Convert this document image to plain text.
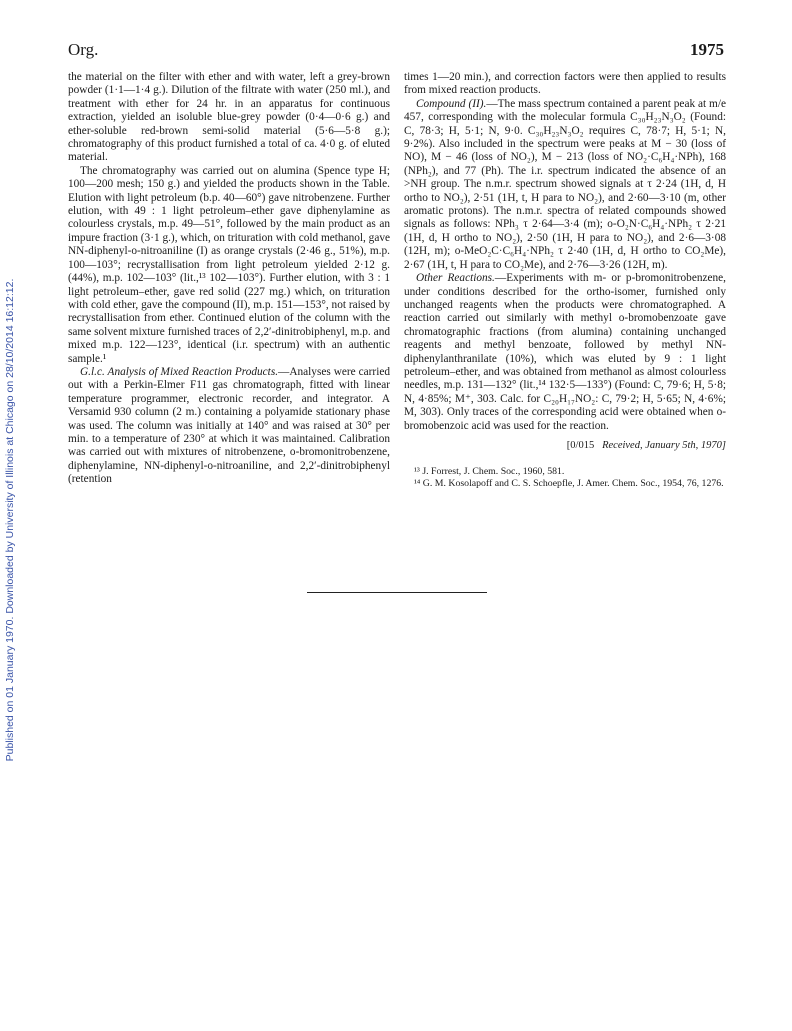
Published on 01 January 1970. Downloaded by University of Illinois at Chicago on 28/10/2014 16:12:12.
Org.	1975

the material on the filter with ether and with water, left a grey-brown powder (1·1—1·4 g.). Dilution of the filtrate with water (250 ml.), and treatment with ether for 24 hr. in an apparatus for continuous extraction, yielded an isoluble blue-grey powder (0·4—0·6 g.) and ether-soluble red-brown semi-solid material (5·6—5·8 g.); chromatography of this product furnished a total of ca. 4·0 g. of eluted material.

The chromatography was carried out on alumina (Spence type H; 100—200 mesh; 150 g.) and yielded the products shown in the Table. Elution with light petroleum (b.p. 40—60°) gave nitrobenzene. Further elution, with 49 : 1 light petroleum–ether gave diphenylamine as colourless crystals, m.p. 49—51°, followed by the main product as an impure fraction (3·1 g.), which, on trituration with cold methanol, gave NN-diphenyl-o-nitroaniline (I) as orange crystals (2·46 g., 51%), m.p. 100—103°; recrystallisation from light petroleum yielded 2·12 g. (44%), m.p. 102—103° (lit.,¹³ 102—103°). Further elution, with 3 : 1 light petroleum–ether, gave red solid (227 mg.) which, on trituration with cold ether, gave the compound (II), m.p. 151—153°, not raised by recrystallisation from ether. Continued elution of the column with the same solvent mixture furnished traces of 2,2′-dinitrobiphenyl, m.p. and mixed m.p. 122—123°, identical (i.r. spectrum) with an authentic sample.¹

G.l.c. Analysis of Mixed Reaction Products.—Analyses were carried out with a Perkin-Elmer F11 gas chromatograph, fitted with linear temperature programmer, electronic recorder, and integrator. A Versamid 930 column (2 m.) containing a polyamide stationary phase was used. The column was initially at 140° and was raised at 30° per min. to a temperature of 230° at which it was maintained. Calibration was carried out with mixtures of nitrobenzene, o-bromonitrobenzene, diphenylamine, NN-diphenyl-o-nitroaniline, and 2,2′-dinitrobiphenyl (retention

times 1—20 min.), and correction factors were then applied to results from mixed reaction products.

Compound (II).—The mass spectrum contained a parent peak at m/e 457, corresponding with the molecular formula C₃₀H₂₃N₃O₂ (Found: C, 78·3; H, 5·1; N, 9·0. C₃₀H₂₃N₃O₂ requires C, 78·7; H, 5·1; N, 9·2%). Also included in the spectrum were peaks at M − 30 (loss of NO), M − 46 (loss of NO₂), M − 213 (loss of NO₂·C₆H₄·NPh), 168 (NPh₂), and 77 (Ph). The i.r. spectrum indicated the absence of an >NH group. The n.m.r. spectrum showed signals at τ 2·24 (1H, d, H ortho to NO₂), 2·51 (1H, t, H para to NO₂), and 2·60—3·10 (m, other aromatic protons). The n.m.r. spectra of related compounds showed signals as follows: NPh₃ τ 2·64—3·4 (m); o-O₂N·C₆H₄·NPh₂ τ 2·21 (1H, d, H ortho to NO₂), 2·50 (1H, H para to NO₂), and 2·6—3·08 (12H, m); o-MeO₂C·C₆H₄·NPh₂ τ 2·40 (1H, d, H ortho to CO₂Me), 2·67 (1H, t, H para to CO₂Me), and 2·76—3·26 (12H, m).

Other Reactions.—Experiments with m- or p-bromonitrobenzene, under conditions described for the ortho-isomer, furnished only unchanged reagents when the products were chromatographed. A reaction carried out similarly with methyl o-bromobenzoate gave chromatographic fractions (from alumina) containing unchanged reagents and methyl benzoate, followed by methyl NN-diphenylanthranilate (10%), which was eluted by 9 : 1 light petroleum–ether, and was obtained from methanol as almost colourless needles, m.p. 131—132° (lit.,¹⁴ 132·5—133°) (Found: C, 79·6; H, 5·8; N, 4·85%; M⁺, 303. Calc. for C₂₀H₁₇NO₂: C, 79·2; H, 5·65; N, 4·6%; M, 303). Only traces of the corresponding acid were obtained when o-bromobenzoic acid was used for the reaction.

[0/015 Received, January 5th, 1970]

¹³ J. Forrest, J. Chem. Soc., 1960, 581.

¹⁴ G. M. Kosolapoff and C. S. Schoepfle, J. Amer. Chem. Soc., 1954, 76, 1276.
